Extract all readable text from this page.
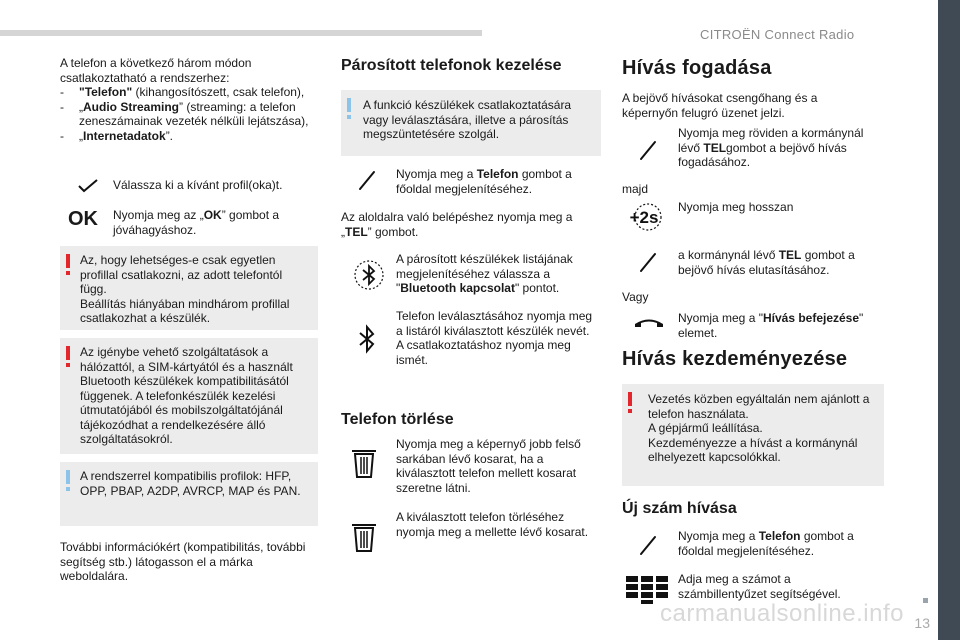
CITROËN Connect Radio

A telefon a következő három módon csatlakoztatható a rendszerhez:

- "Telefon" (kihangosítószett, csak telefon),
- „Audio Streaming” (streaming: a telefon zeneszámainak vezeték nélküli lejátszása),
- „Internetadatok”.
Válassza ki a kívánt profil(oka)t.
OK Nyomja meg az „OK” gombot a jóváhagyáshoz.
Az, hogy lehetséges-e csak egyetlen profillal csatlakozni, az adott telefontól függ.
Beállítás hiányában mindhárom profillal csatlakozhat a készülék.
Az igénybe vehető szolgáltatások a hálózattól, a SIM-kártyától és a használt Bluetooth készülékek kompatibilitásától függenek. A telefonkészülék kezelési útmutatójából és mobilszolgáltatójánál tájékozódhat a rendelkezésére álló szolgáltatásokról.
A rendszerrel kompatibilis profilok: HFP, OPP, PBAP, A2DP, AVRCP, MAP és PAN.
További információkért (kompatibilitás, további segítség stb.) látogasson el a márka weboldalára.
Párosított telefonok kezelése
A funkció készülékek csatlakoztatására vagy leválasztására, illetve a párosítás megszüntetésére szolgál.
Nyomja meg a Telefon gombot a főoldal megjelenítéséhez.
Az aloldalra való belépéshez nyomja meg a „TEL” gombot.
A párosított készülékek listájának megjelenítéséhez válassza a "Bluetooth kapcsolat" pontot.
Telefon leválasztásához nyomja meg a listáról kiválasztott készülék nevét.
A csatlakoztatáshoz nyomja meg ismét.
Telefon törlése
Nyomja meg a képernyő jobb felső sarkában lévő kosarat, ha a kiválasztott telefon mellett kosarat szeretne látni.
A kiválasztott telefon törléséhez nyomja meg a mellette lévő kosarat.
Hívás fogadása
A bejövő hívásokat csengőhang és a képernyőn felugró üzenet jelzi.
Nyomja meg röviden a kormánynál lévő TELgombot a bejövő hívás fogadásához.
majd
+2s
Nyomja meg hosszan
a kormánynál lévő TEL gombot a bejövő hívás elutasításához.
Vagy
Nyomja meg a "Hívás befejezése" elemet.
Hívás kezdeményezése
Vezetés közben egyáltalán nem ajánlott a telefon használata.
A gépjármű leállítása.
Kezdeményezze a hívást a kormánynál elhelyezett kapcsolókkal.
Új szám hívása
Nyomja meg a Telefon gombot a főoldal megjelenítéséhez.
Adja meg a számot a számbillentyűzet segítségével.
carmanualsonline.info 13
